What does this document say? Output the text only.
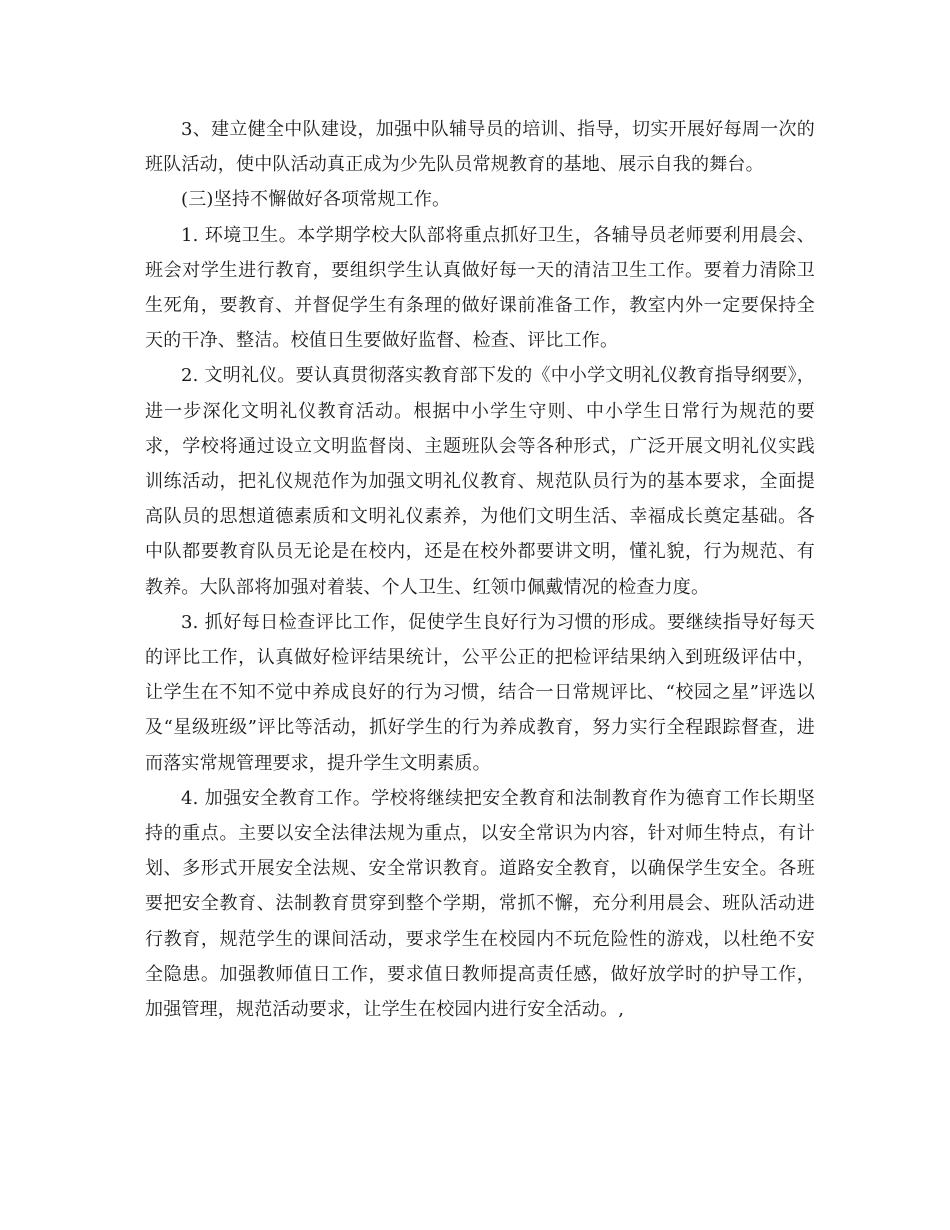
3、建立健全中队建设，加强中队辅导员的培训、指导，切实开展好每周一次的班队活动，使中队活动真正成为少先队员常规教育的基地、展示自我的舞台。

(三)坚持不懈做好各项常规工作。

1. 环境卫生。本学期学校大队部将重点抓好卫生，各辅导员老师要利用晨会、班会对学生进行教育，要组织学生认真做好每一天的清洁卫生工作。要着力清除卫生死角，要教育、并督促学生有条理的做好课前准备工作，教室内外一定要保持全天的干净、整洁。校值日生要做好监督、检查、评比工作。

2. 文明礼仪。要认真贯彻落实教育部下发的《中小学文明礼仪教育指导纲要》，进一步深化文明礼仪教育活动。根据中小学生守则、中小学生日常行为规范的要求，学校将通过设立文明监督岗、主题班队会等各种形式，广泛开展文明礼仪实践训练活动，把礼仪规范作为加强文明礼仪教育、规范队员行为的基本要求，全面提高队员的思想道德素质和文明礼仪素养，为他们文明生活、幸福成长奠定基础。各中队都要教育队员无论是在校内，还是在校外都要讲文明，懂礼貌，行为规范、有教养。大队部将加强对着装、个人卫生、红领巾佩戴情况的检查力度。

3. 抓好每日检查评比工作，促使学生良好行为习惯的形成。要继续指导好每天的评比工作，认真做好检评结果统计，公平公正的把检评结果纳入到班级评估中，让学生在不知不觉中养成良好的行为习惯，结合一日常规评比、“校园之星”评选以及“星级班级”评比等活动，抓好学生的行为养成教育，努力实行全程跟踪督查，进而落实常规管理要求，提升学生文明素质。

4. 加强安全教育工作。学校将继续把安全教育和法制教育作为德育工作长期坚持的重点。主要以安全法律法规为重点，以安全常识为内容，针对师生特点，有计划、多形式开展安全法规、安全常识教育。道路安全教育，以确保学生安全。各班要把安全教育、法制教育贯穿到整个学期，常抓不懈，充分利用晨会、班队活动进行教育，规范学生的课间活动，要求学生在校园内不玩危险性的游戏，以杜绝不安全隐患。加强教师值日工作，要求值日教师提高责任感，做好放学时的护导工作，加强管理，规范活动要求，让学生在校园内进行安全活动。,
